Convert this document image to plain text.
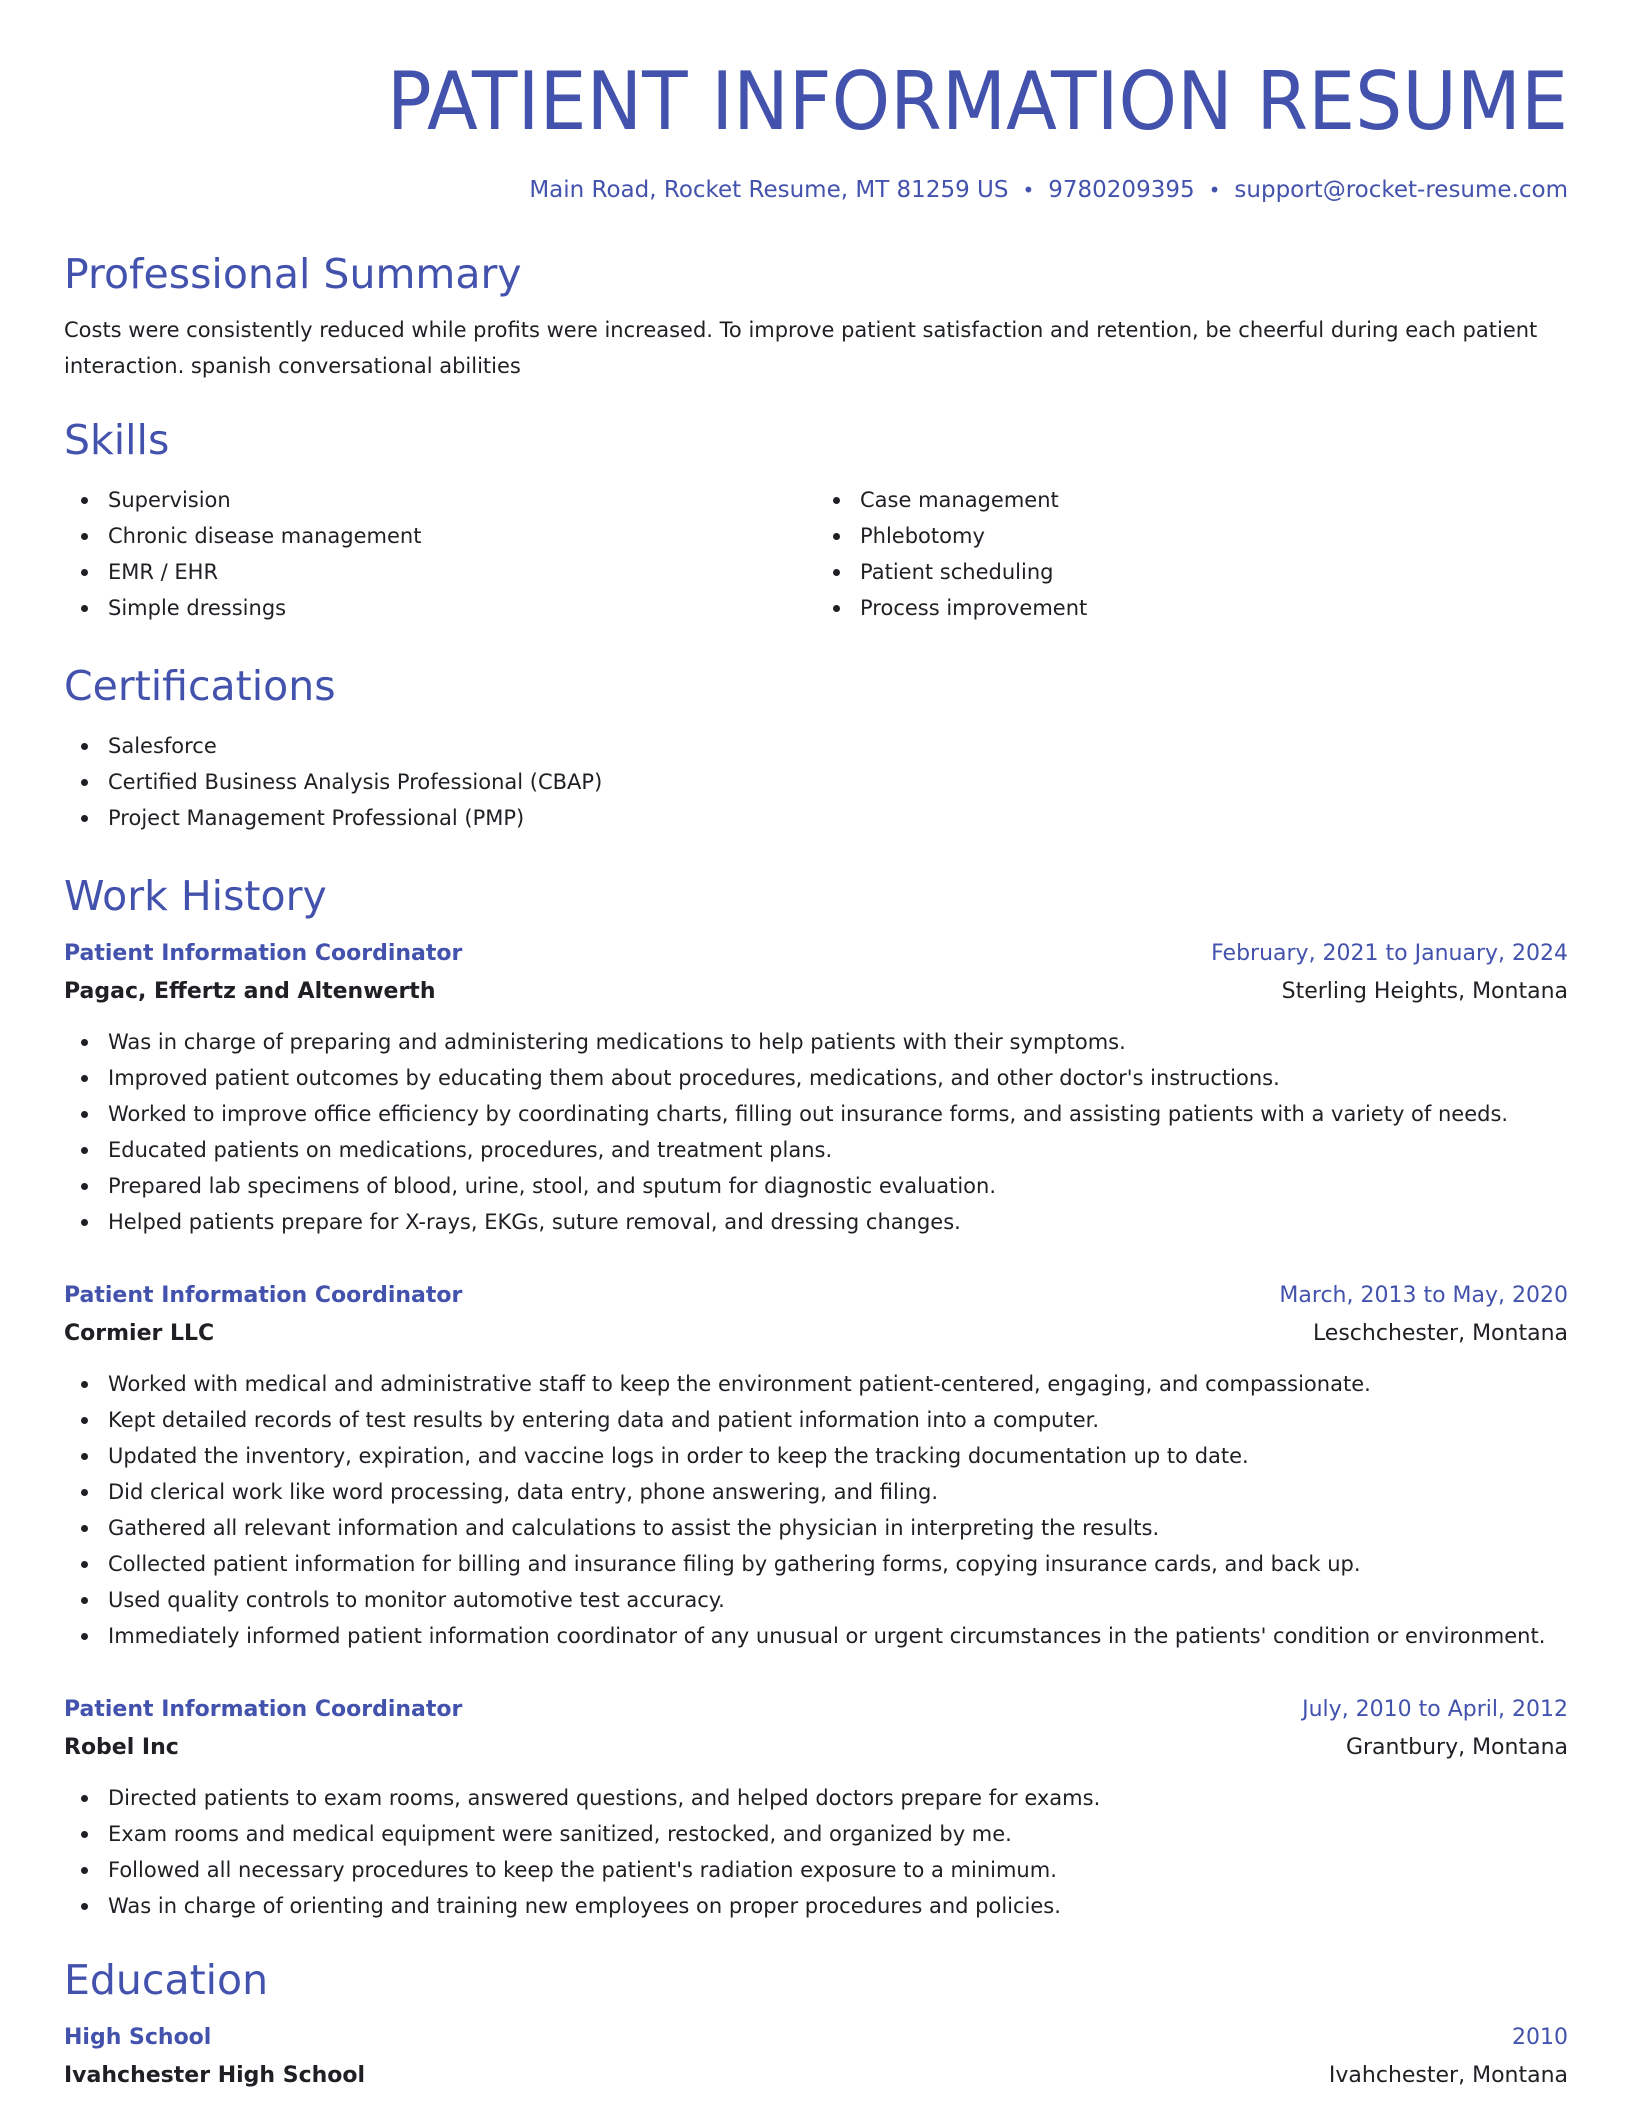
PATIENT INFORMATION RESUME
Main Road, Rocket Resume, MT 81259 US • 9780209395 • support@rocket-resume.com
Professional Summary
Costs were consistently reduced while profits were increased. To improve patient satisfaction and retention, be cheerful during each patient interaction. spanish conversational abilities
Skills
Supervision
Chronic disease management
EMR / EHR
Simple dressings
Case management
Phlebotomy
Patient scheduling
Process improvement
Certifications
Salesforce
Certified Business Analysis Professional (CBAP)
Project Management Professional (PMP)
Work History
Patient Information Coordinator	February, 2021 to January, 2024
Pagac, Effertz and Altenwerth	Sterling Heights, Montana
Was in charge of preparing and administering medications to help patients with their symptoms.
Improved patient outcomes by educating them about procedures, medications, and other doctor's instructions.
Worked to improve office efficiency by coordinating charts, filling out insurance forms, and assisting patients with a variety of needs.
Educated patients on medications, procedures, and treatment plans.
Prepared lab specimens of blood, urine, stool, and sputum for diagnostic evaluation.
Helped patients prepare for X-rays, EKGs, suture removal, and dressing changes.
Patient Information Coordinator	March, 2013 to May, 2020
Cormier LLC	Leschchester, Montana
Worked with medical and administrative staff to keep the environment patient-centered, engaging, and compassionate.
Kept detailed records of test results by entering data and patient information into a computer.
Updated the inventory, expiration, and vaccine logs in order to keep the tracking documentation up to date.
Did clerical work like word processing, data entry, phone answering, and filing.
Gathered all relevant information and calculations to assist the physician in interpreting the results.
Collected patient information for billing and insurance filing by gathering forms, copying insurance cards, and back up.
Used quality controls to monitor automotive test accuracy.
Immediately informed patient information coordinator of any unusual or urgent circumstances in the patients' condition or environment.
Patient Information Coordinator	July, 2010 to April, 2012
Robel Inc	Grantbury, Montana
Directed patients to exam rooms, answered questions, and helped doctors prepare for exams.
Exam rooms and medical equipment were sanitized, restocked, and organized by me.
Followed all necessary procedures to keep the patient's radiation exposure to a minimum.
Was in charge of orienting and training new employees on proper procedures and policies.
Education
High School	2010
Ivahchester High School	Ivahchester, Montana
